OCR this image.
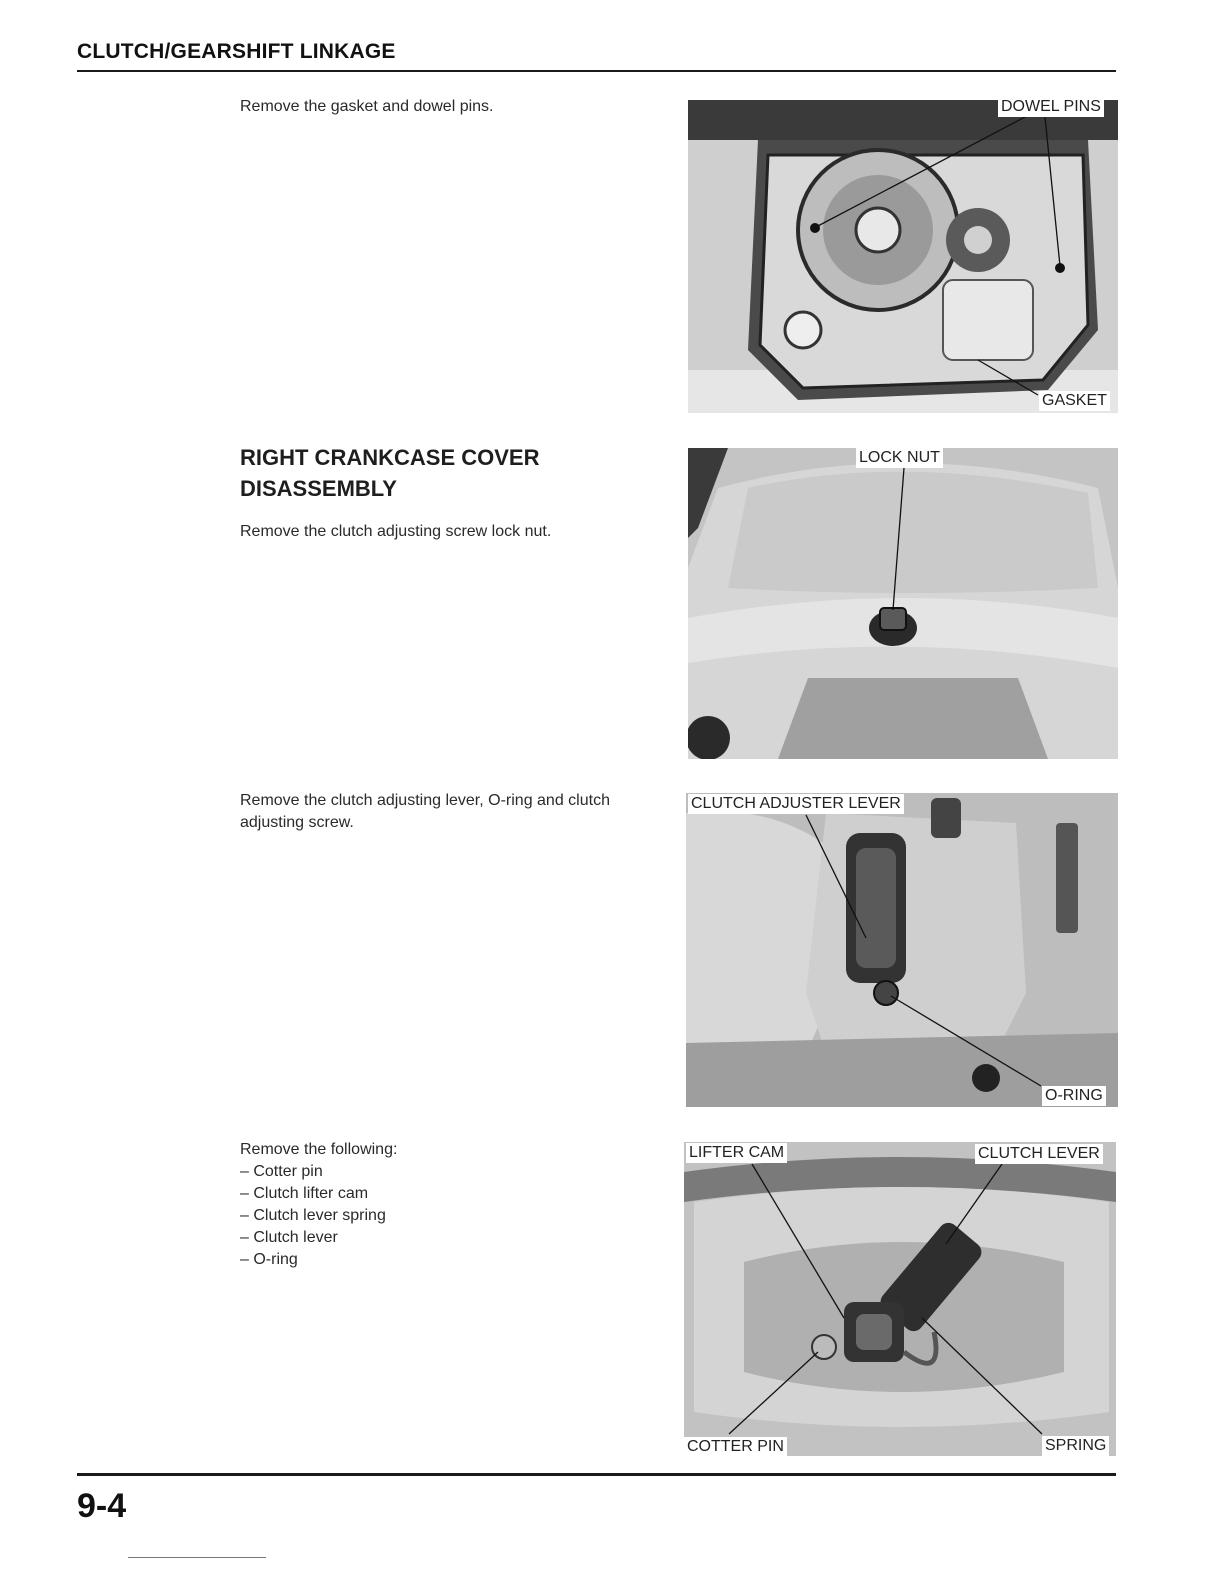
CLUTCH/GEARSHIFT LINKAGE
Remove the gasket and dowel pins.	DOWEL PINS
GASKET
RIGHT CRANKCASE COVER
DISASSEMBLY
Remove the clutch adjusting screw lock nut.
LOCK NUT
Remove the clutch adjusting lever, O-ring and clutch
adjusting screw.
CLUTCH ADJUSTER LEVER
O-RING
Remove the following:
– Cotter pin
– Clutch lifter cam
– Clutch lever spring
– Clutch lever
– O-ring
LIFTER CAM	CLUTCH LEVER
COTTER PIN	SPRING
9-4
